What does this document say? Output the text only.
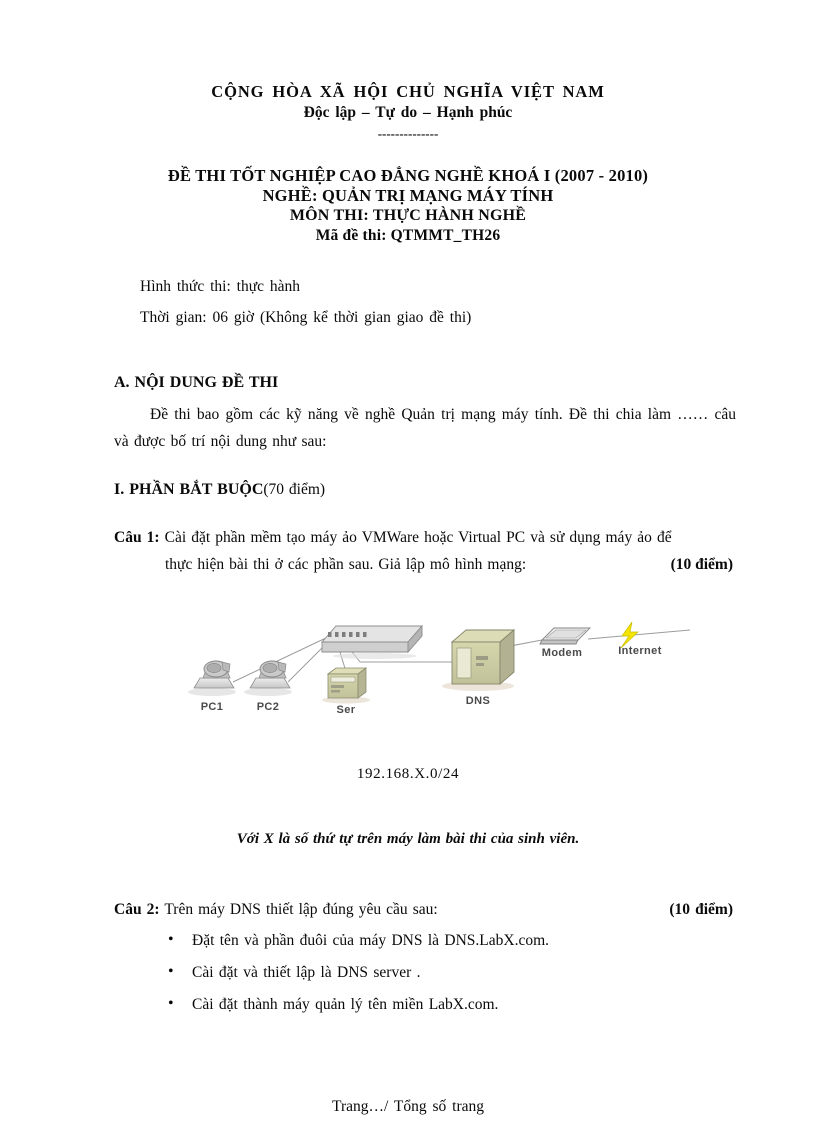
CỘNG HÒA XÃ HỘI CHỦ NGHĨA VIỆT NAM
Độc lập – Tự do – Hạnh phúc
--------------
ĐỀ THI TỐT NGHIỆP CAO ĐẲNG NGHỀ KHOÁ I (2007 - 2010)
NGHỀ: QUẢN TRỊ MẠNG MÁY TÍNH
MÔN THI: THỰC HÀNH NGHỀ
Mã đề thi: QTMMT_TH26
Hình thức thi: thực hành
Thời gian: 06 giờ (Không kể thời gian giao đề thi)
A. NỘI DUNG ĐỀ THI
Đề thi bao gồm các kỹ năng về nghề Quản trị mạng máy tính. Đề thi chia làm …… câu và được bố trí nội dung như sau:
I. PHẦN BẮT BUỘC(70 điểm)
Câu 1: Cài đặt phần mềm tạo máy ảo VMWare hoặc Virtual PC và sử dụng máy ảo để
thực hiện bài thi ở các phần sau. Giả lập mô hình mạng:	(10 điểm)
PC1	PC2	Ser
DNS
Modem	Internet
192.168.X.0/24
Với X là số thứ tự trên máy làm bài thi của sinh viên.
Câu 2: Trên máy DNS thiết lập đúng yêu cầu sau:	(10 điểm)
• Đặt tên và phần đuôi của máy DNS là DNS.LabX.com.
• Cài đặt và thiết lập là DNS server .
• Cài đặt thành máy quản lý tên miền LabX.com.
Trang…/ Tổng số trang
